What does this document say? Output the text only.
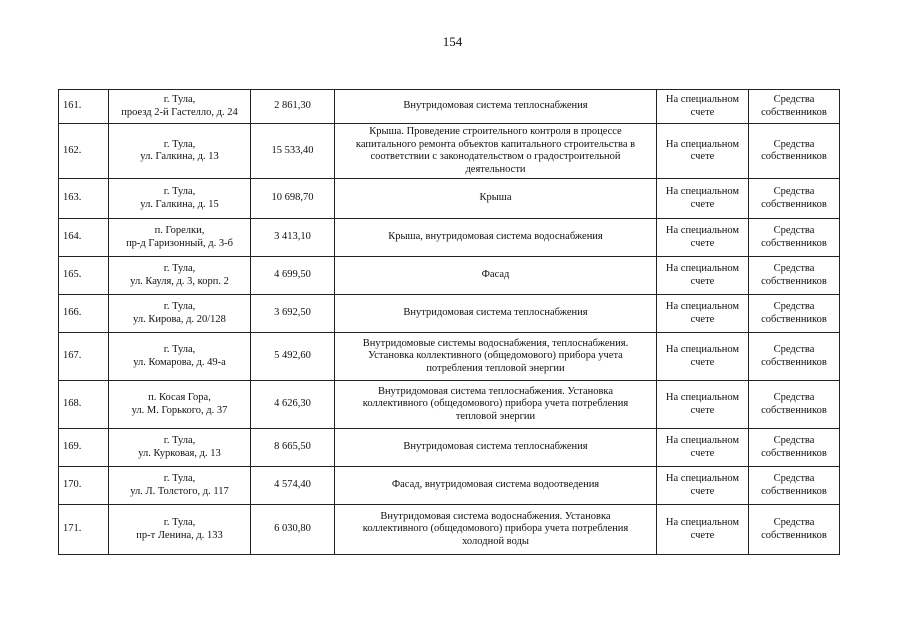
154
161.	г. Тула,
проезд 2-й Гастелло, д. 24	2 861,30	Внутридомовая система теплоснабжения	На специальном
счете	Средства
собственников

162.	г. Тула,
ул. Галкина, д. 13	15 533,40	Крыша. Проведение строительного контроля в процессе
капитального ремонта объектов капитального строительства в
соответствии с законодательством о градостроительной
деятельности	На специальном
счете	Средства
собственников

163.	г. Тула,
ул. Галкина, д. 15	10 698,70	Крыша	На специальном
счете	Средства
собственников

164.	п. Горелки,
пр-д Гаризонный, д. 3-б	3 413,10	Крыша, внутридомовая система водоснабжения	На специальном
счете	Средства
собственников

165.	г. Тула,
ул. Кауля, д. 3, корп. 2	4 699,50	Фасад	На специальном
счете	Средства
собственников

166.	г. Тула,
ул. Кирова, д. 20/128	3 692,50	Внутридомовая система теплоснабжения	На специальном
счете	Средства
собственников

167.	г. Тула,
ул. Комарова, д. 49-а	5 492,60	Внутридомовые системы водоснабжения, теплоснабжения.
Установка коллективного (общедомового) прибора учета
потребления тепловой энергии	На специальном
счете	Средства
собственников

168.	п. Косая Гора,
ул. М. Горького, д. 37	4 626,30	Внутридомовая система теплоснабжения. Установка
коллективного (общедомового) прибора учета потребления
тепловой энергии	На специальном
счете	Средства
собственников

169.	г. Тула,
ул. Курковая, д. 13	8 665,50	Внутридомовая система теплоснабжения	На специальном
счете	Средства
собственников

170.	г. Тула,
ул. Л. Толстого, д. 117	4 574,40	Фасад, внутридомовая система водоотведения	На специальном
счете	Средства
собственников

171.	г. Тула,
пр-т Ленина, д. 133	6 030,80	Внутридомовая система водоснабжения. Установка
коллективного (общедомового) прибора учета потребления
холодной воды	На специальном
счете	Средства
собственников
